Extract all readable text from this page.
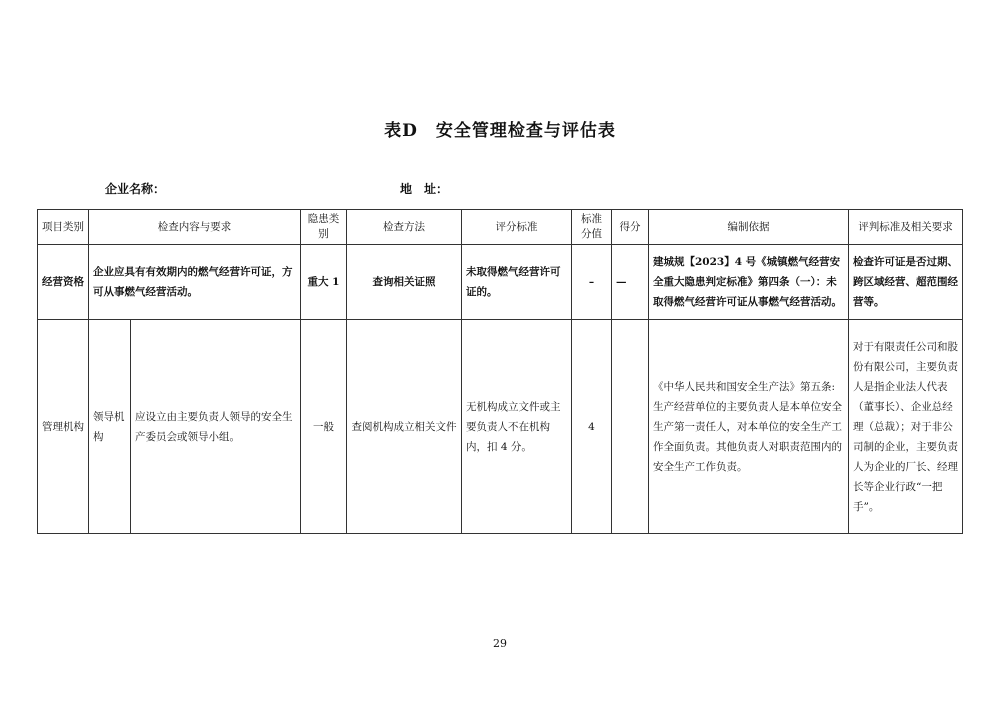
表D　安全管理检查与评估表
企业名称：	地　址：
项目类别	检查内容与要求		隐患类别	检查方法	评分标准	标准分值	得分	编制依据	评判标准及相关要求
经营资格	企业应具有有效期内的燃气经营许可证，方可从事燃气经营活动。		重大 1	查询相关证照	未取得燃气经营许可证的。	–	—	建城规【2023】4 号《城镇燃气经营安全重大隐患判定标准》第四条（一）：未取得燃气经营许可证从事燃气经营活动。	检查许可证是否过期、跨区域经营、超范围经营等。
管理机构	领导机构	应设立由主要负责人领导的安全生产委员会或领导小组。	一般	查阅机构成立相关文件	无机构成立文件或主要负责人不在机构内，扣 4 分。	4		《中华人民共和国安全生产法》第五条:生产经营单位的主要负责人是本单位安全生产第一责任人，对本单位的安全生产工作全面负责。其他负责人对职责范围内的安全生产工作负责。	对于有限责任公司和股份有限公司，主要负责人是指企业法人代表（董事长）、企业总经理（总裁）；对于非公司制的企业，主要负责人为企业的厂长、经理长等企业行政“一把手”。
29
